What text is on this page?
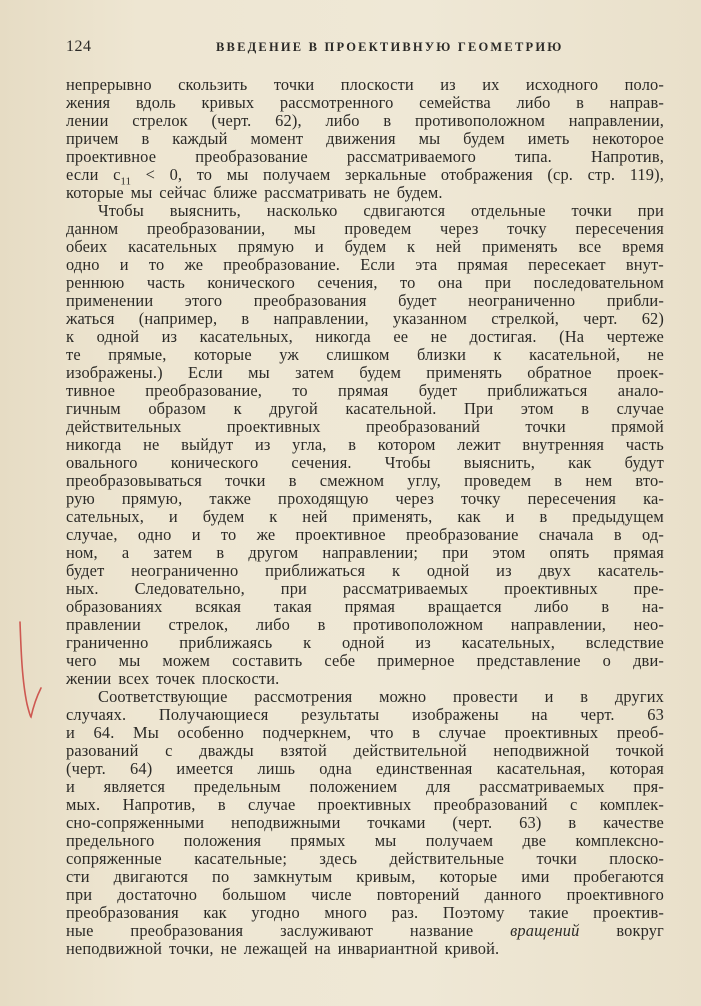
124	ВВЕДЕНИЕ В ПРОЕКТИВНУЮ ГЕОМЕТРИЮ
непрерывно скользить точки плоскости из их исходного поло-
жения вдоль кривых рассмотренного семейства либо в направ-
лении стрелок (черт. 62), либо в противоположном направлении,
причем в каждый момент движения мы будем иметь некоторое
проективное преобразование рассматриваемого типа. Напротив,
если $c_{11} < 0$, то мы получаем зеркальные отображения (ср. стр. 119),
которые мы сейчас ближе рассматривать не будем.
Чтобы выяснить, насколько сдвигаются отдельные точки при
данном преобразовании, мы проведем через точку пересечения
обеих касательных прямую и будем к ней применять все время
одно и то же преобразование. Если эта прямая пересекает внут-
реннюю часть конического сечения, то она при последовательном
применении этого преобразования будет неограниченно прибли-
жаться (например, в направлении, указанном стрелкой, черт. 62)
к одной из касательных, никогда ее не достигая. (На чертеже
те прямые, которые уж слишком близки к касательной, не
изображены.) Если мы затем будем применять обратное проек-
тивное преобразование, то прямая будет приближаться анало-
гичным образом к другой касательной. При этом в случае
действительных	проективных	преобразований	точки	прямой
никогда не выйдут из угла, в котором лежит внутренняя часть
овального конического сечения. Чтобы выяснить, как будут
преобразовываться точки в смежном углу, проведем в нем вто-
рую прямую, также проходящую через точку пересечения ка-
сательных, и будем к ней применять, как и в предыдущем
случае, одно и то же проективное преобразование сначала в од-
ном, а затем в другом направлении; при этом опять прямая
будет неограниченно приближаться к одной из двух касатель-
ных. Следовательно, при рассматриваемых проективных пре-
образованиях всякая такая прямая вращается либо в на-
правлении стрелок, либо в противоположном направлении, нео-
граниченно приближаясь к одной из касательных, вследствие
чего мы можем составить себе примерное представление о дви-
жении всех точек плоскости.
Соответствующие рассмотрения можно провести и в других
случаях. Получающиеся результаты изображены на черт. 63
и 64. Мы особенно подчеркнем, что в случае проективных преоб-
разований с дважды взятой действительной неподвижной точкой
(черт. 64) имеется лишь одна единственная касательная, которая
и является предельным положением для рассматриваемых пря-
мых. Напротив, в случае проективных преобразований с комплек-
сно-сопряженными неподвижными точками (черт. 63) в качестве
предельного положения прямых мы получаем две комплексно-
сопряженные касательные; здесь действительные точки плоско-
сти двигаются по замкнутым кривым, которые ими пробегаются
при достаточно большом числе повторений данного проективного
преобразования как угодно много раз. Поэтому такие проектив-
ные преобразования заслуживают название вращений вокруг
неподвижной точки, не лежащей на инвариантной кривой.
